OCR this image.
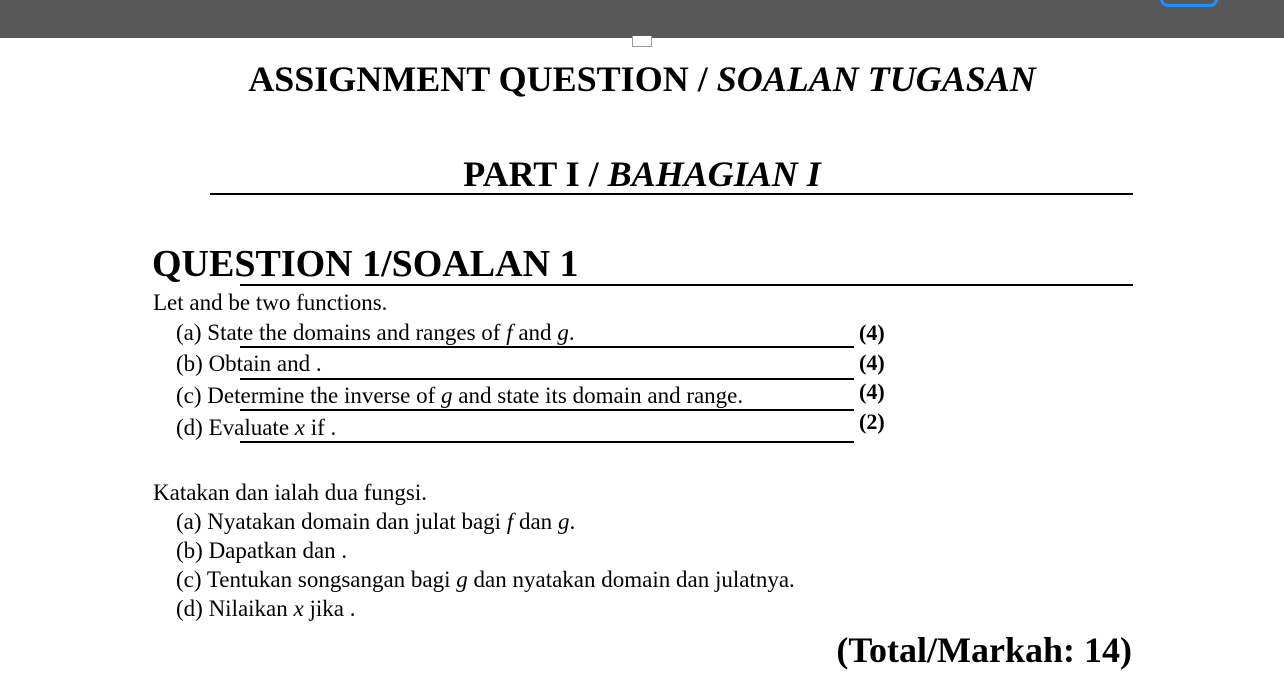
ASSIGNMENT QUESTION / SOALAN TUGASAN
PART I / BAHAGIAN I
QUESTION 1/SOALAN 1
Let and be two functions.
(a) State the domains and ranges of f and g.	(4)
(b) Obtain and .	(4)
(c) Determine the inverse of g and state its domain and range.	(4)
(d) Evaluate x if .	(2)
Katakan dan ialah dua fungsi.
(a) Nyatakan domain dan julat bagi f dan g.
(b) Dapatkan dan .
(c) Tentukan songsangan bagi g dan nyatakan domain dan julatnya.
(d) Nilaikan x jika .
(Total/Markah: 14)
